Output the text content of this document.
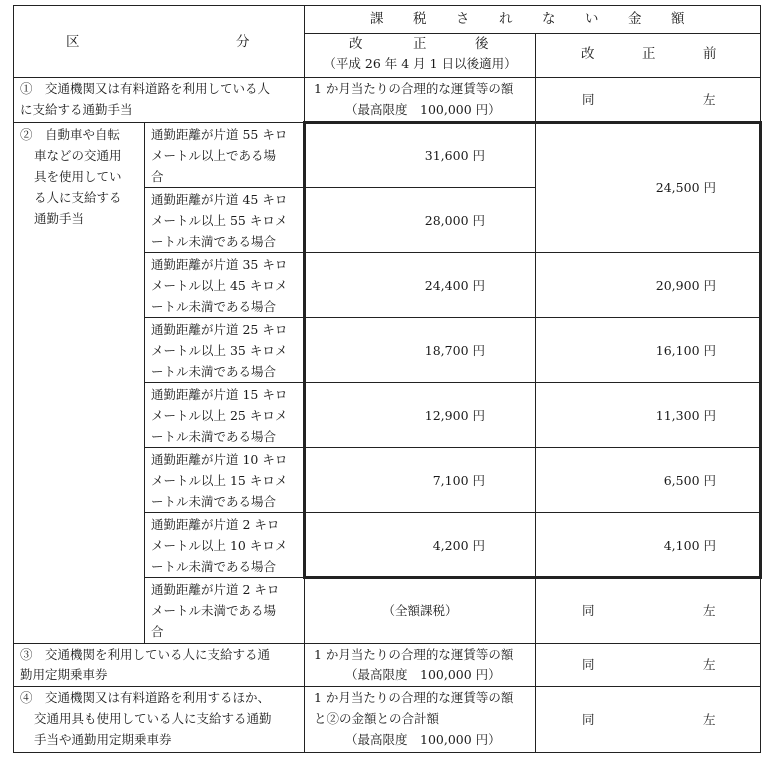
区	分
課 税 さ れ な い 金 額
改	正	後
（平成 26 年 4 月 1 日以後適用）
改	正	前
①　交通機関又は有料道路を利用している人
に支給する通勤手当
1 か月当たりの合理的な運賃等の額
（最高限度　100,000 円）
同	左
②　自動車や自転
車などの交通用
具を使用してい
る人に支給する
通勤手当
通勤距離が片道 55 キロ
メートル以上である場
合
31,600 円
通勤距離が片道 45 キロ
メートル以上 55 キロメ
ートル未満である場合
28,000 円
24,500 円
通勤距離が片道 35 キロ
メートル以上 45 キロメ
ートル未満である場合
24,400 円	20,900 円
通勤距離が片道 25 キロ
メートル以上 35 キロメ
ートル未満である場合
18,700 円	16,100 円
通勤距離が片道 15 キロ
メートル以上 25 キロメ
ートル未満である場合
12,900 円	11,300 円
通勤距離が片道 10 キロ
メートル以上 15 キロメ
ートル未満である場合
7,100 円	6,500 円
通勤距離が片道 2 キロ
メートル以上 10 キロメ
ートル未満である場合
4,200 円	4,100 円
通勤距離が片道 2 キロ
メートル未満である場
合
（全額課税）	同	左
③　交通機関を利用している人に支給する通
勤用定期乗車券
1 か月当たりの合理的な運賃等の額
（最高限度　100,000 円）
同	左
④　交通機関又は有料道路を利用するほか、
交通用具も使用している人に支給する通勤
手当や通勤用定期乗車券
1 か月当たりの合理的な運賃等の額
と②の金額との合計額
（最高限度　100,000 円）
同	左
